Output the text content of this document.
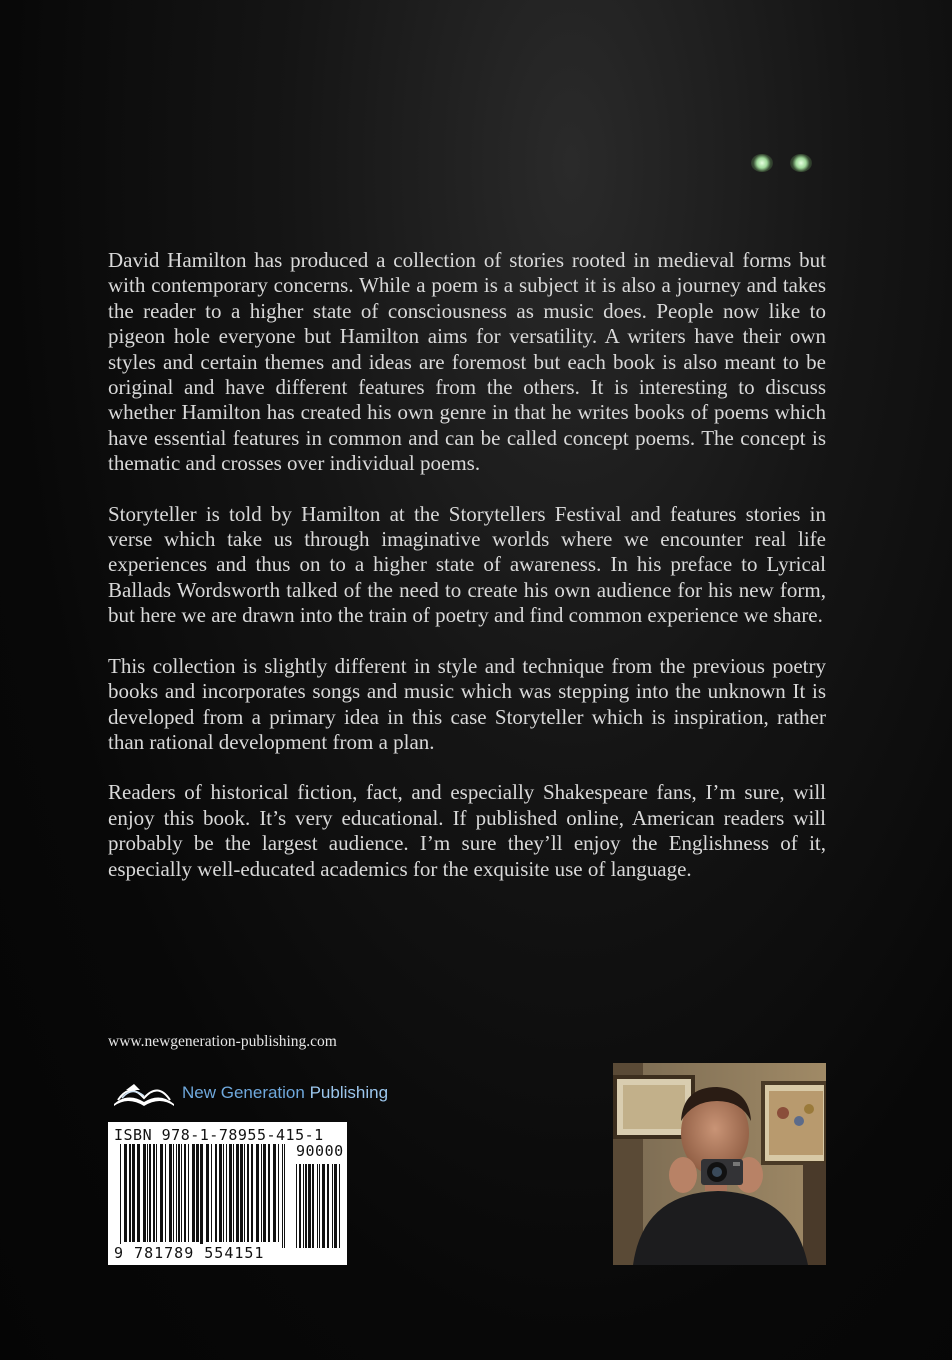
David Hamilton has produced a collection of stories rooted in medieval forms but with contemporary concerns. While a poem is a subject it is also a journey and takes the reader to a higher state of consciousness as music does. People now like to pigeon hole everyone but Hamilton aims for versatility. A writers have their own styles and certain themes and ideas are foremost but each book is also meant to be original and have different features from the others. It is interesting to discuss whether Hamilton has created his own genre in that he writes books of poems which have essential features in common and can be called concept poems. The concept is thematic and crosses over individual poems.

Storyteller is told by Hamilton at the Storytellers Festival and features stories in verse which take us through imaginative worlds where we encounter real life experiences and thus on to a higher state of awareness. In his preface to Lyrical Ballads Wordsworth talked of the need to create his own audience for his new form, but here we are drawn into the train of poetry and find common experience we share.

This collection is slightly different in style and technique from the previous poetry books and incorporates songs and music which was stepping into the unknown It is developed from a primary idea in this case Storyteller which is inspiration, rather than rational development from a plan.

Readers of historical fiction, fact, and especially Shakespeare fans, I’m sure, will enjoy this book. It’s very educational. If published online, American readers will probably be the largest audience. I’m sure they’ll enjoy the Englishness of it, especially well-educated academics for the exquisite use of language.

www.newgeneration-publishing.com
New Generation Publishing
ISBN 978-1-78955-415-1
90000
9 781789 554151
